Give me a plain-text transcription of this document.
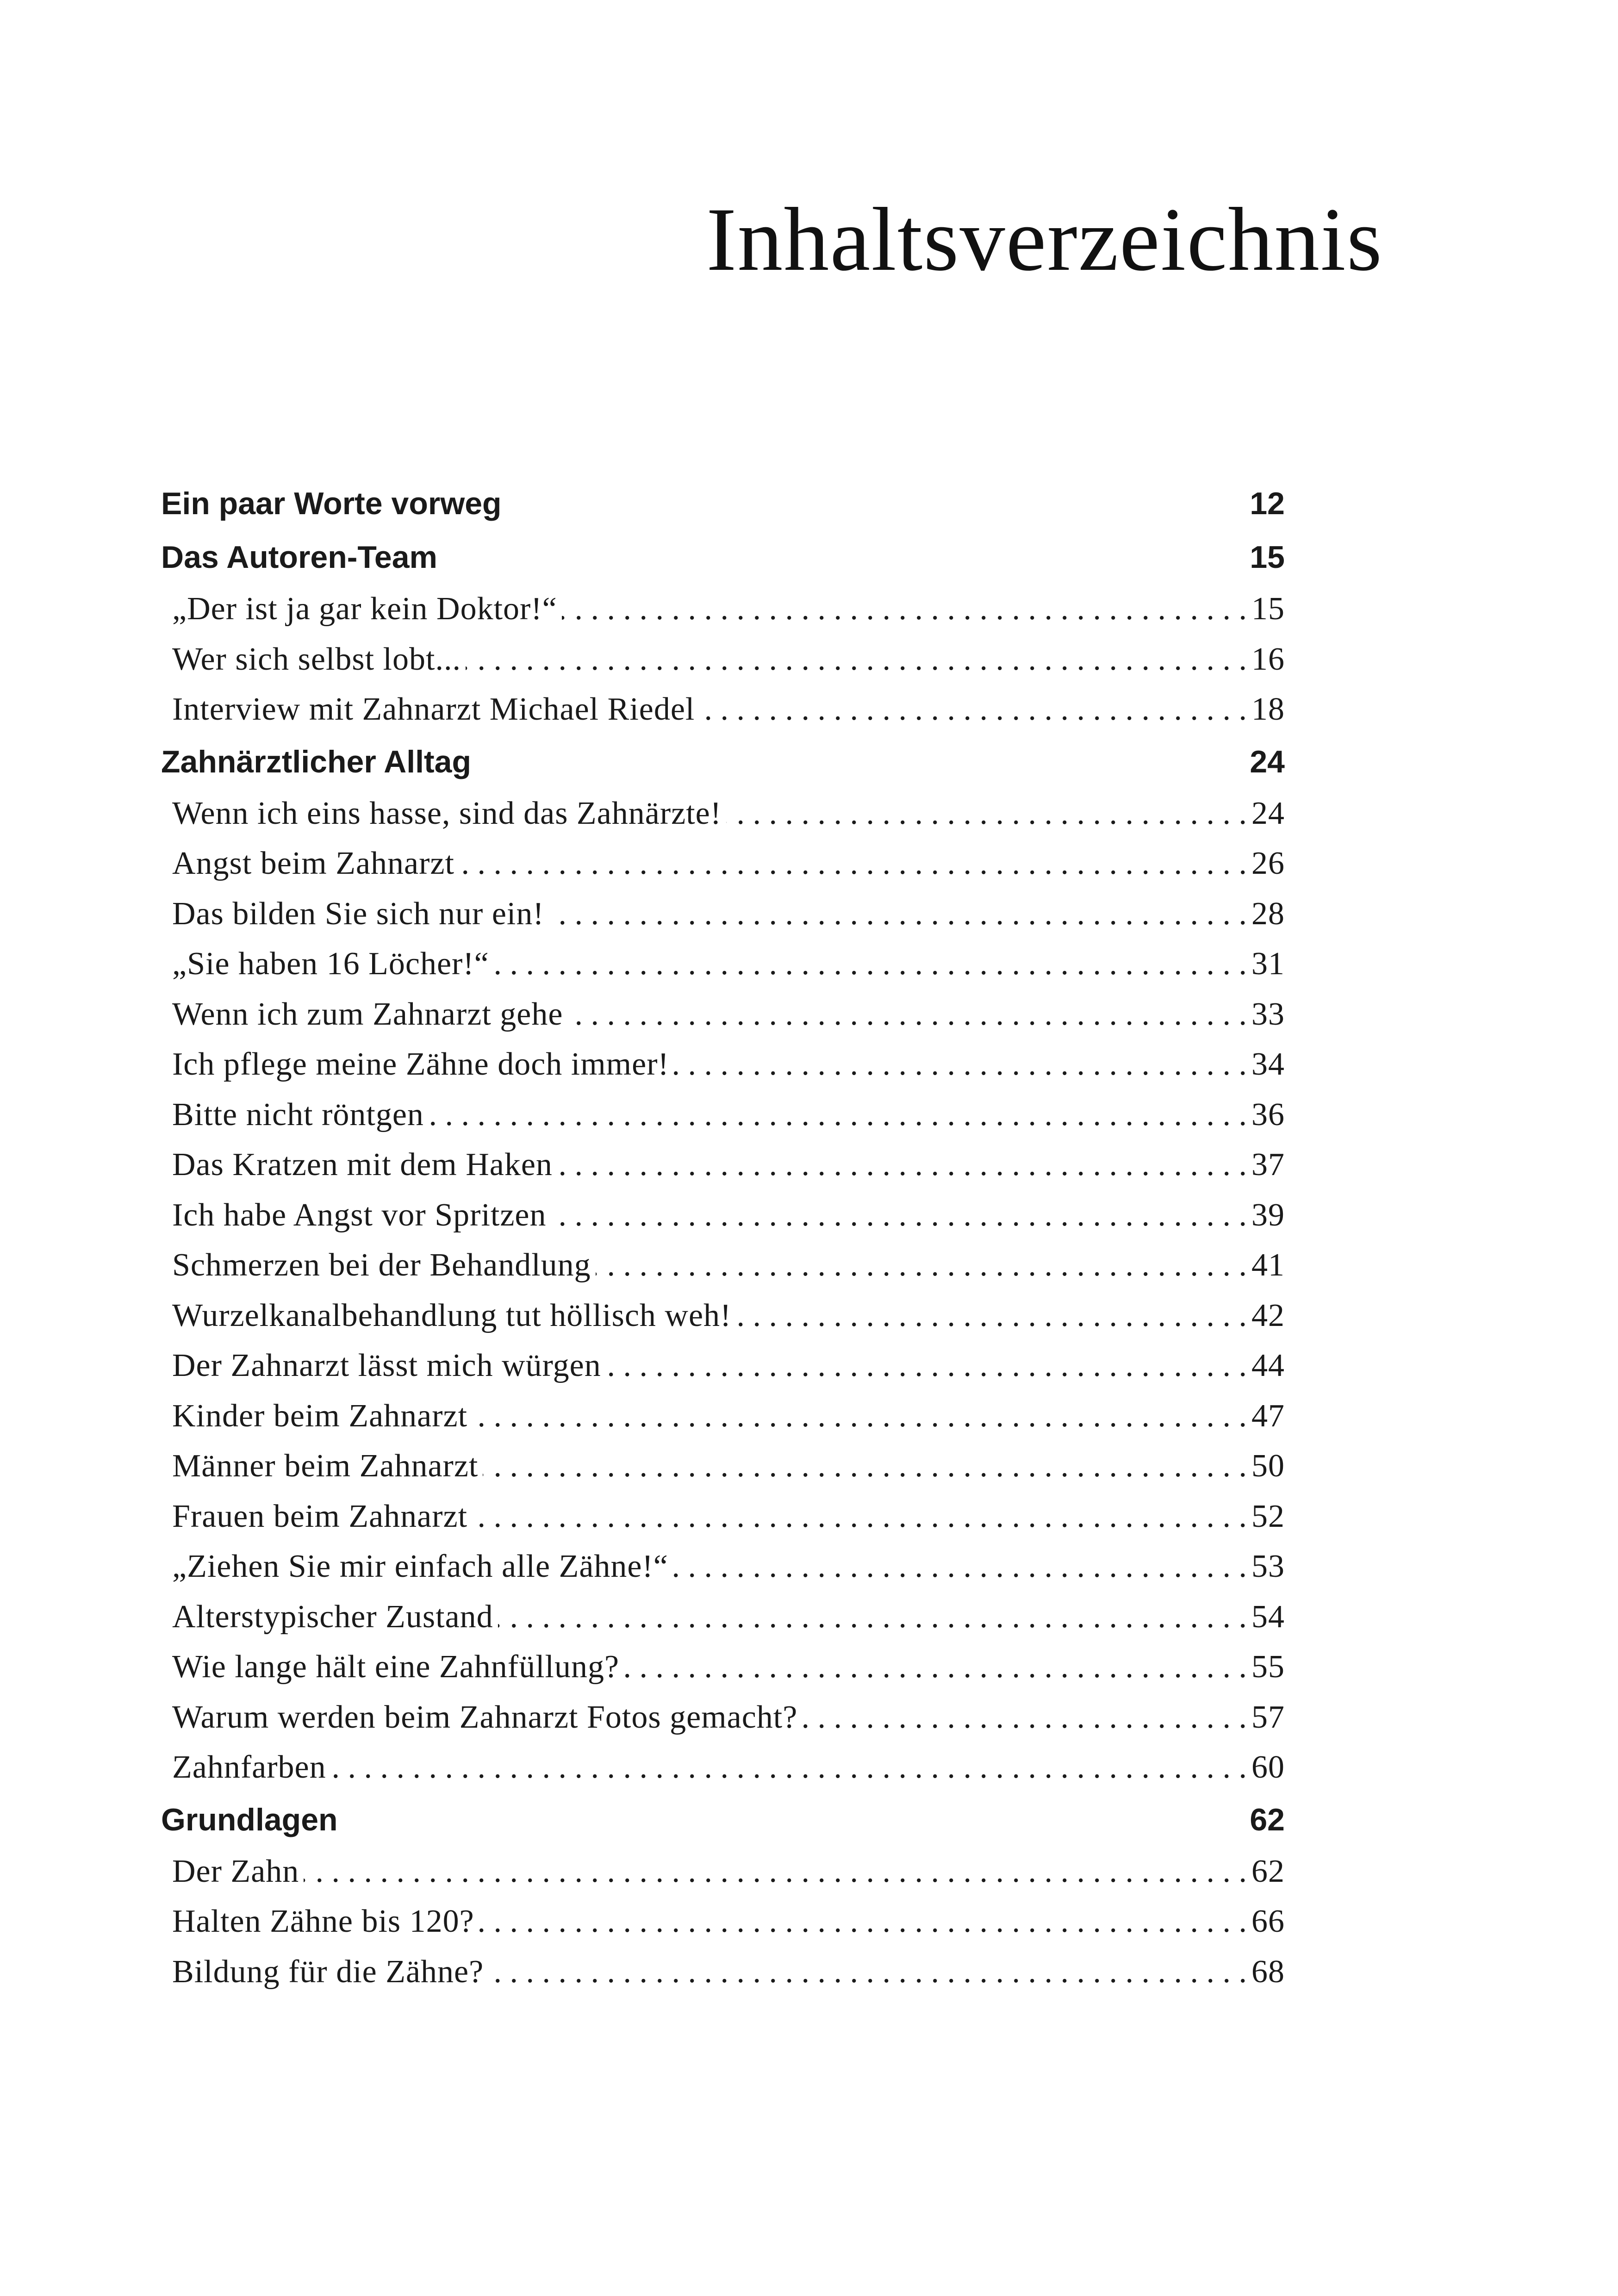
Inhaltsverzeichnis
Ein paar Worte vorweg	12
Das Autoren-Team	15
„Der ist ja gar kein Doktor!“ . . .	15
Wer sich selbst lobt... . . .	16
Interview mit Zahnarzt Michael Riedel . . .	18
Zahnärztlicher Alltag	24
Wenn ich eins hasse, sind das Zahnärzte! . . .	24
Angst beim Zahnarzt . . .	26
Das bilden Sie sich nur ein! . . .	28
„Sie haben 16 Löcher!“ . . .	31
Wenn ich zum Zahnarzt gehe . . .	33
Ich pflege meine Zähne doch immer! . . .	34
Bitte nicht röntgen . . .	36
Das Kratzen mit dem Haken . . .	37
Ich habe Angst vor Spritzen . . .	39
Schmerzen bei der Behandlung . . .	41
Wurzelkanalbehandlung tut höllisch weh! . . .	42
Der Zahnarzt lässt mich würgen . . .	44
Kinder beim Zahnarzt . . .	47
Männer beim Zahnarzt . . .	50
Frauen beim Zahnarzt . . .	52
„Ziehen Sie mir einfach alle Zähne!“ . . .	53
Alterstypischer Zustand . . .	54
Wie lange hält eine Zahnfüllung? . . .	55
Warum werden beim Zahnarzt Fotos gemacht? . . .	57
Zahnfarben . . .	60
Grundlagen	62
Der Zahn . . .	62
Halten Zähne bis 120? . . .	66
Bildung für die Zähne? . . .	68
